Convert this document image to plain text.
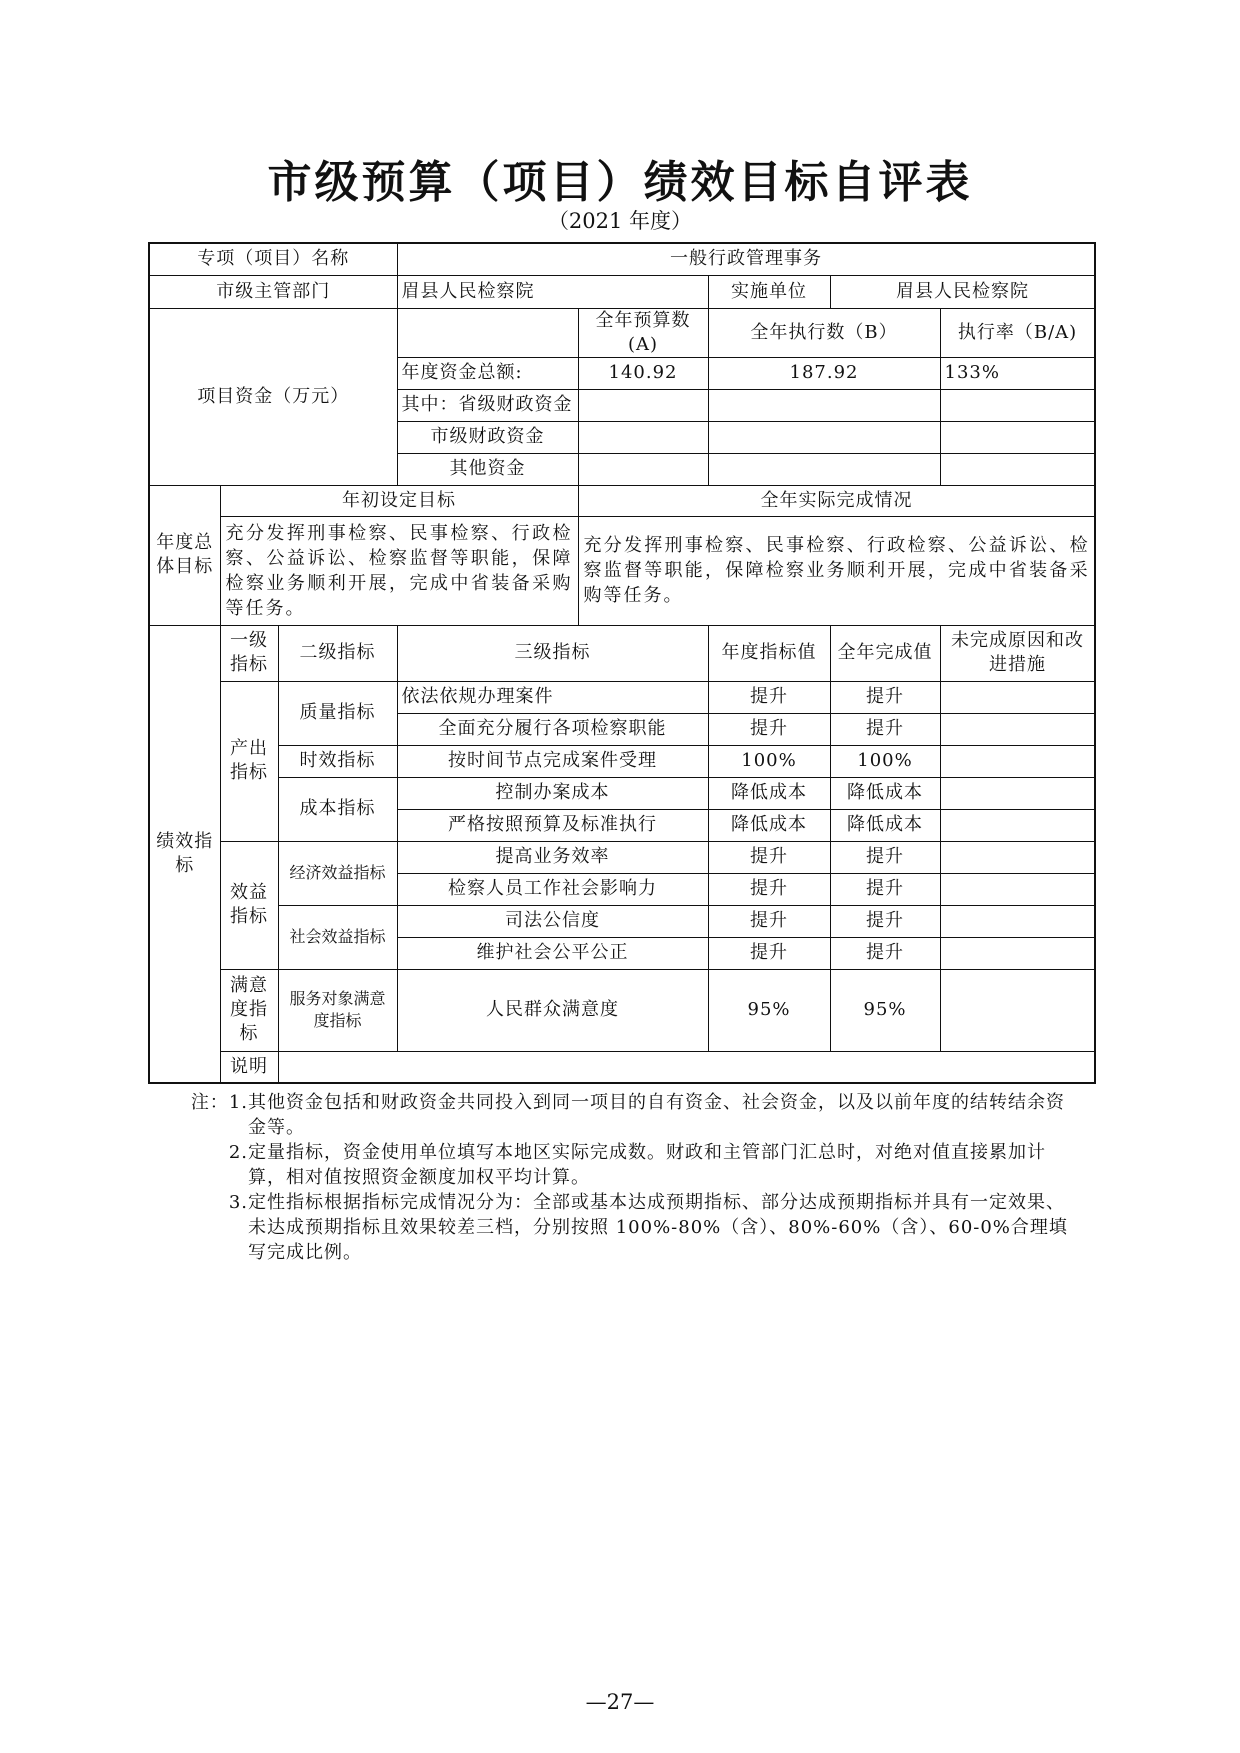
市级预算（项目）绩效目标自评表
（2021 年度）
专项（项目）名称			一般行政管理事务				
市级主管部门			眉县人民检察院		实施单位	眉县人民检察院	
项目资金（万元）				全年预算数 (A)	全年执行数（B）		执行率（B/A)
			年度资金总额:	140.92	187.92		133%
			其中：省级财政资金				
			市级财政资金				
			其他资金				
年度总体目标	年初设定目标			全年实际完成情况			
	充分发挥刑事检察、民事检察、行政检察、公益诉讼、检察监督等职能，保障检察业务顺利开展，完成中省装备采购等任务。			充分发挥刑事检察、民事检察、行政检察、公益诉讼、检察监督等职能，保障检察业务顺利开展，完成中省装备采购等任务。			
绩效指标	一级指标	二级指标	三级指标		年度指标值	全年完成值	未完成原因和改进措施
	产出指标	质量指标	依法依规办理案件		提升	提升	
			全面充分履行各项检察职能		提升	提升	
		时效指标	按时间节点完成案件受理		100%	100%	
		成本指标	控制办案成本		降低成本	降低成本	
			严格按照预算及标准执行		降低成本	降低成本	
	效益指标	经济效益指标	提高业务效率		提升	提升	
			检察人员工作社会影响力		提升	提升	
		社会效益指标	司法公信度		提升	提升	
			维护社会公平公正		提升	提升	
	满意度指标	服务对象满意度指标	人民群众满意度		95%	95%	
	说明						
注：1. 其他资金包括和财政资金共同投入到同一项目的自有资金、社会资金，以及以前年度的结转结余资金等。
2. 定量指标，资金使用单位填写本地区实际完成数。财政和主管部门汇总时，对绝对值直接累加计算，相对值按照资金额度加权平均计算。
3. 定性指标根据指标完成情况分为：全部或基本达成预期指标、部分达成预期指标并具有一定效果、未达成预期指标且效果较差三档，分别按照 100%-80%（含）、80%-60%（含）、60-0%合理填写完成比例。
—27—
